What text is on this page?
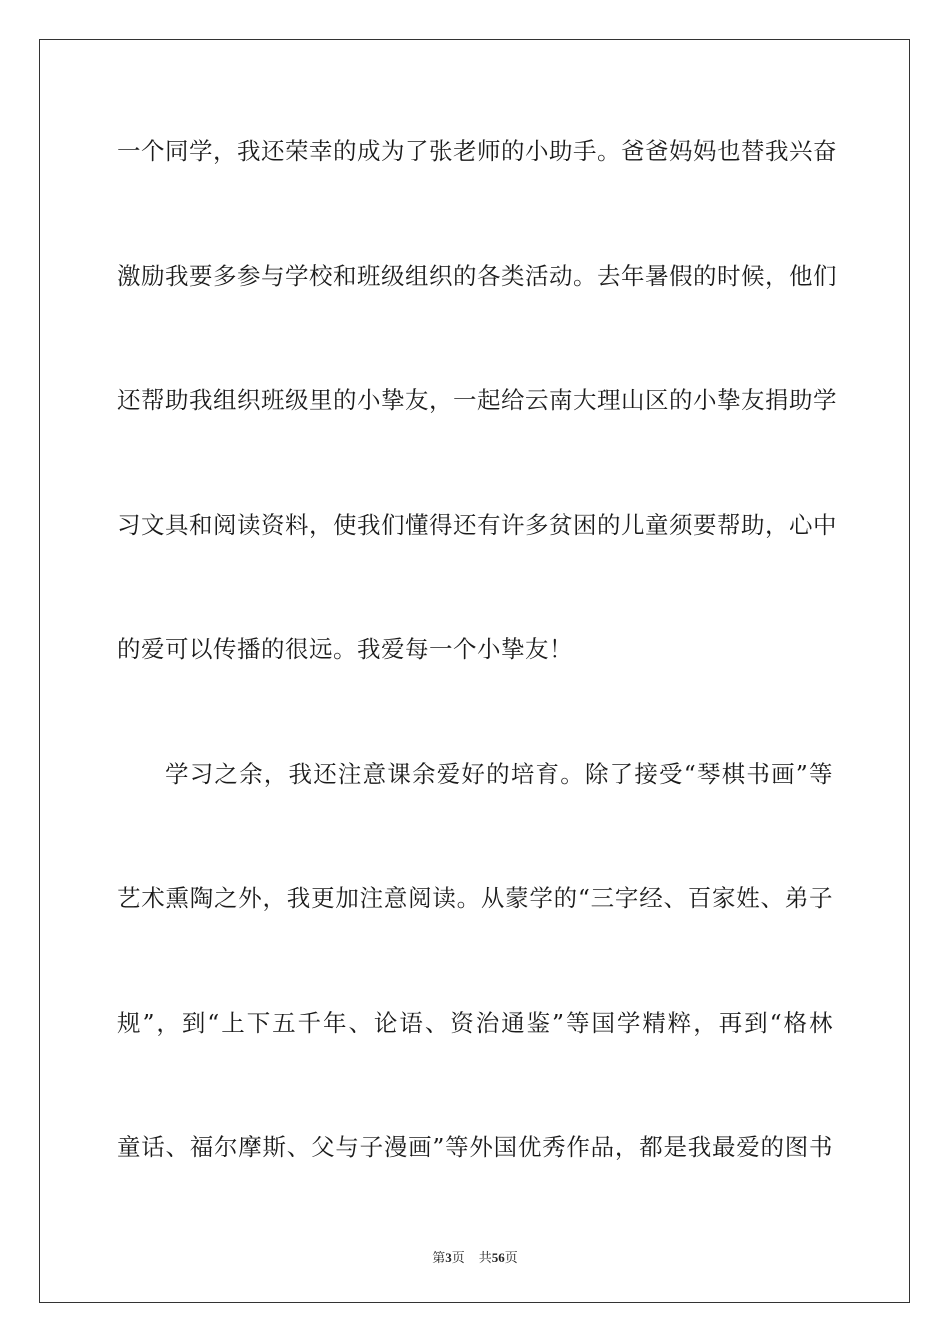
一个同学，我还荣幸的成为了张老师的小助手。爸爸妈妈也替我兴奋
激励我要多参与学校和班级组织的各类活动。去年暑假的时候，他们
还帮助我组织班级里的小挚友，一起给云南大理山区的小挚友捐助学
习文具和阅读资料，使我们懂得还有许多贫困的儿童须要帮助，心中
的爱可以传播的很远。我爱每一个小挚友！
学习之余，我还注意课余爱好的培育。除了接受“琴棋书画”等
艺术熏陶之外，我更加注意阅读。从蒙学的“三字经、百家姓、弟子
规”，到“上下五千年、论语、资治通鉴”等国学精粹，再到“格林
童话、福尔摩斯、父与子漫画”等外国优秀作品，都是我最爱的图书
第3页 共56页
